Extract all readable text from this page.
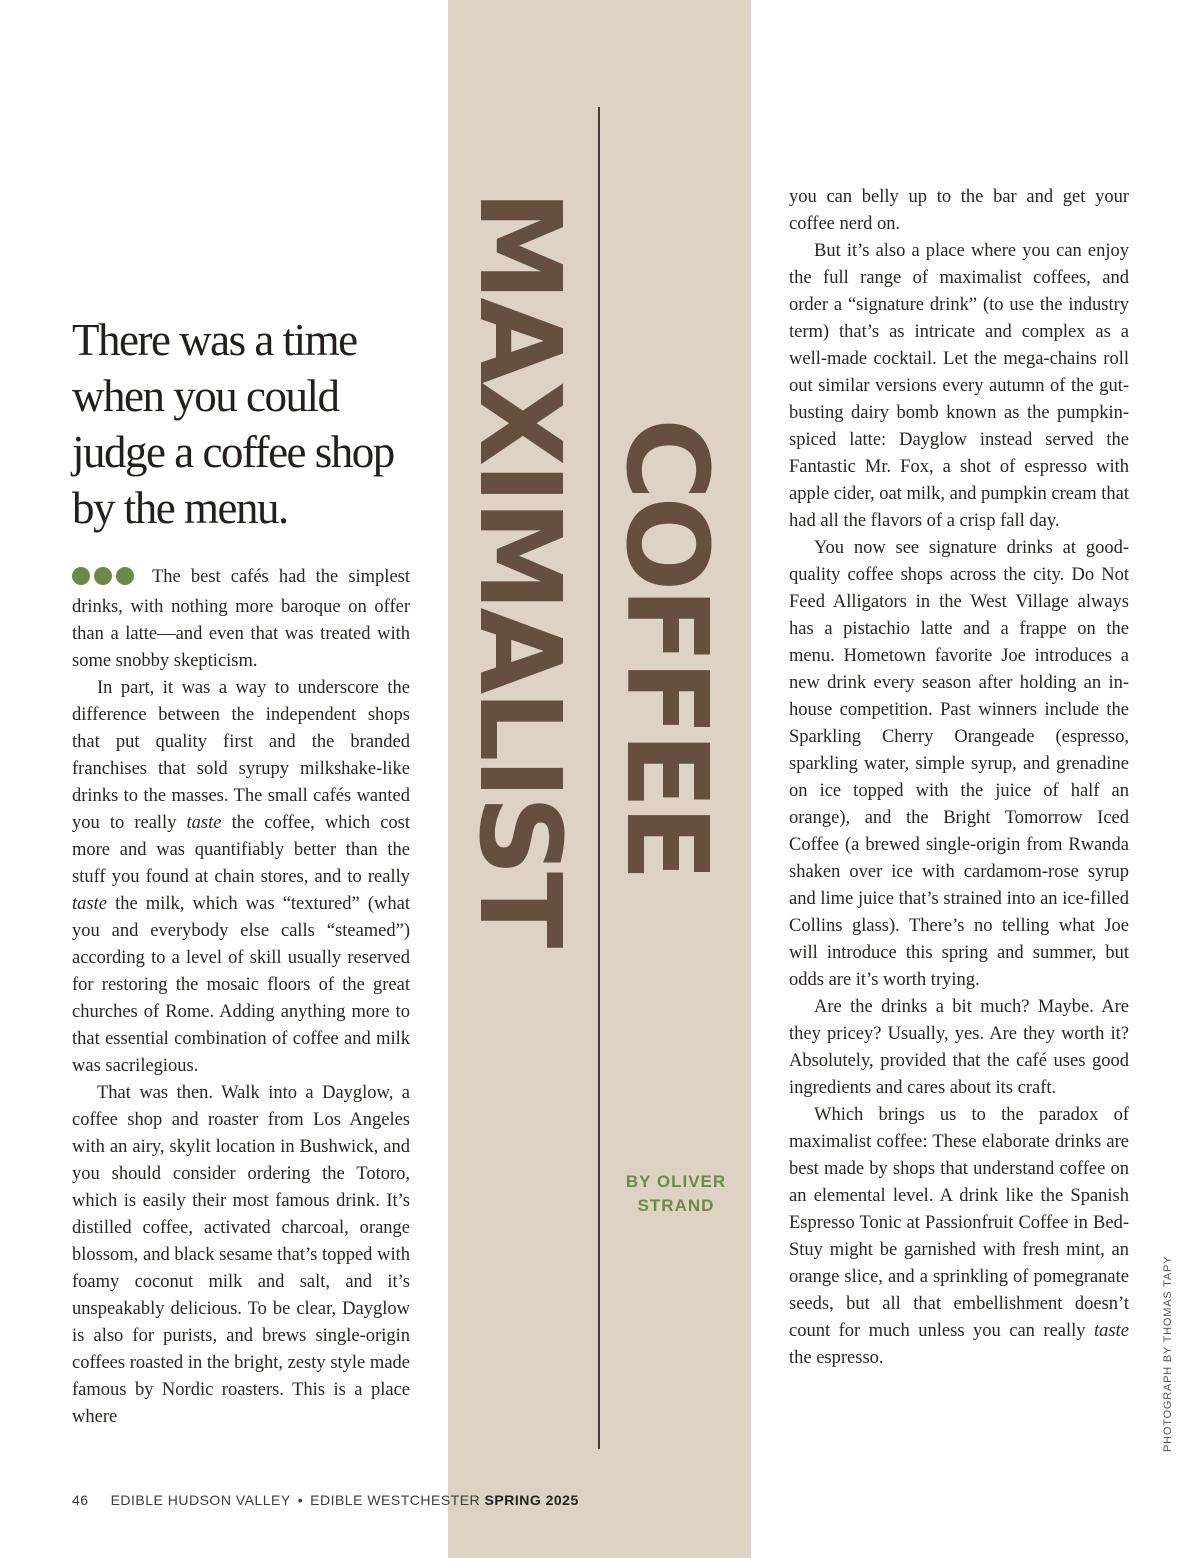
MAXIMALIST COFFEE
BY OLIVER
STRAND
There was a time when you could judge a coffee shop by the menu.

The best cafés had the simplest drinks, with nothing more baroque on offer than a latte—and even that was treated with some snobby skepticism.

In part, it was a way to underscore the difference between the independent shops that put quality first and the branded franchises that sold syrupy milkshake-like drinks to the masses. The small cafés wanted you to really taste the coffee, which cost more and was quantifiably better than the stuff you found at chain stores, and to really taste the milk, which was “textured” (what you and everybody else calls “steamed”) according to a level of skill usually reserved for restoring the mosaic floors of the great churches of Rome. Adding anything more to that essential combination of coffee and milk was sacrilegious.

That was then. Walk into a Dayglow, a coffee shop and roaster from Los Angeles with an airy, skylit location in Bushwick, and you should consider ordering the Totoro, which is easily their most famous drink. It’s distilled coffee, activated charcoal, orange blossom, and black sesame that’s topped with foamy coconut milk and salt, and it’s unspeakably delicious. To be clear, Dayglow is also for purists, and brews single-origin coffees roasted in the bright, zesty style made famous by Nordic roasters. This is a place where

you can belly up to the bar and get your coffee nerd on.

But it’s also a place where you can enjoy the full range of maximalist coffees, and order a “signature drink” (to use the industry term) that’s as intricate and complex as a well-made cocktail. Let the mega-chains roll out similar versions every autumn of the gut-busting dairy bomb known as the pumpkin-spiced latte: Dayglow instead served the Fantastic Mr. Fox, a shot of espresso with apple cider, oat milk, and pumpkin cream that had all the flavors of a crisp fall day.

You now see signature drinks at good-quality coffee shops across the city. Do Not Feed Alligators in the West Village always has a pistachio latte and a frappe on the menu. Hometown favorite Joe introduces a new drink every season after holding an in-house competition. Past winners include the Sparkling Cherry Orangeade (espresso, sparkling water, simple syrup, and grenadine on ice topped with the juice of half an orange), and the Bright Tomorrow Iced Coffee (a brewed single-origin from Rwanda shaken over ice with cardamom-rose syrup and lime juice that’s strained into an ice-filled Collins glass). There’s no telling what Joe will introduce this spring and summer, but odds are it’s worth trying.

Are the drinks a bit much? Maybe. Are they pricey? Usually, yes. Are they worth it? Absolutely, provided that the café uses good ingredients and cares about its craft.

Which brings us to the paradox of maximalist coffee: These elaborate drinks are best made by shops that understand coffee on an elemental level. A drink like the Spanish Espresso Tonic at Passionfruit Coffee in Bed-Stuy might be garnished with fresh mint, an orange slice, and a sprinkling of pomegranate seeds, but all that embellishment doesn’t count for much unless you can really taste the espresso.

46 EDIBLE HUDSON VALLEY • EDIBLE WESTCHESTER SPRING 2025
PHOTOGRAPH BY THOMAS TAPY
